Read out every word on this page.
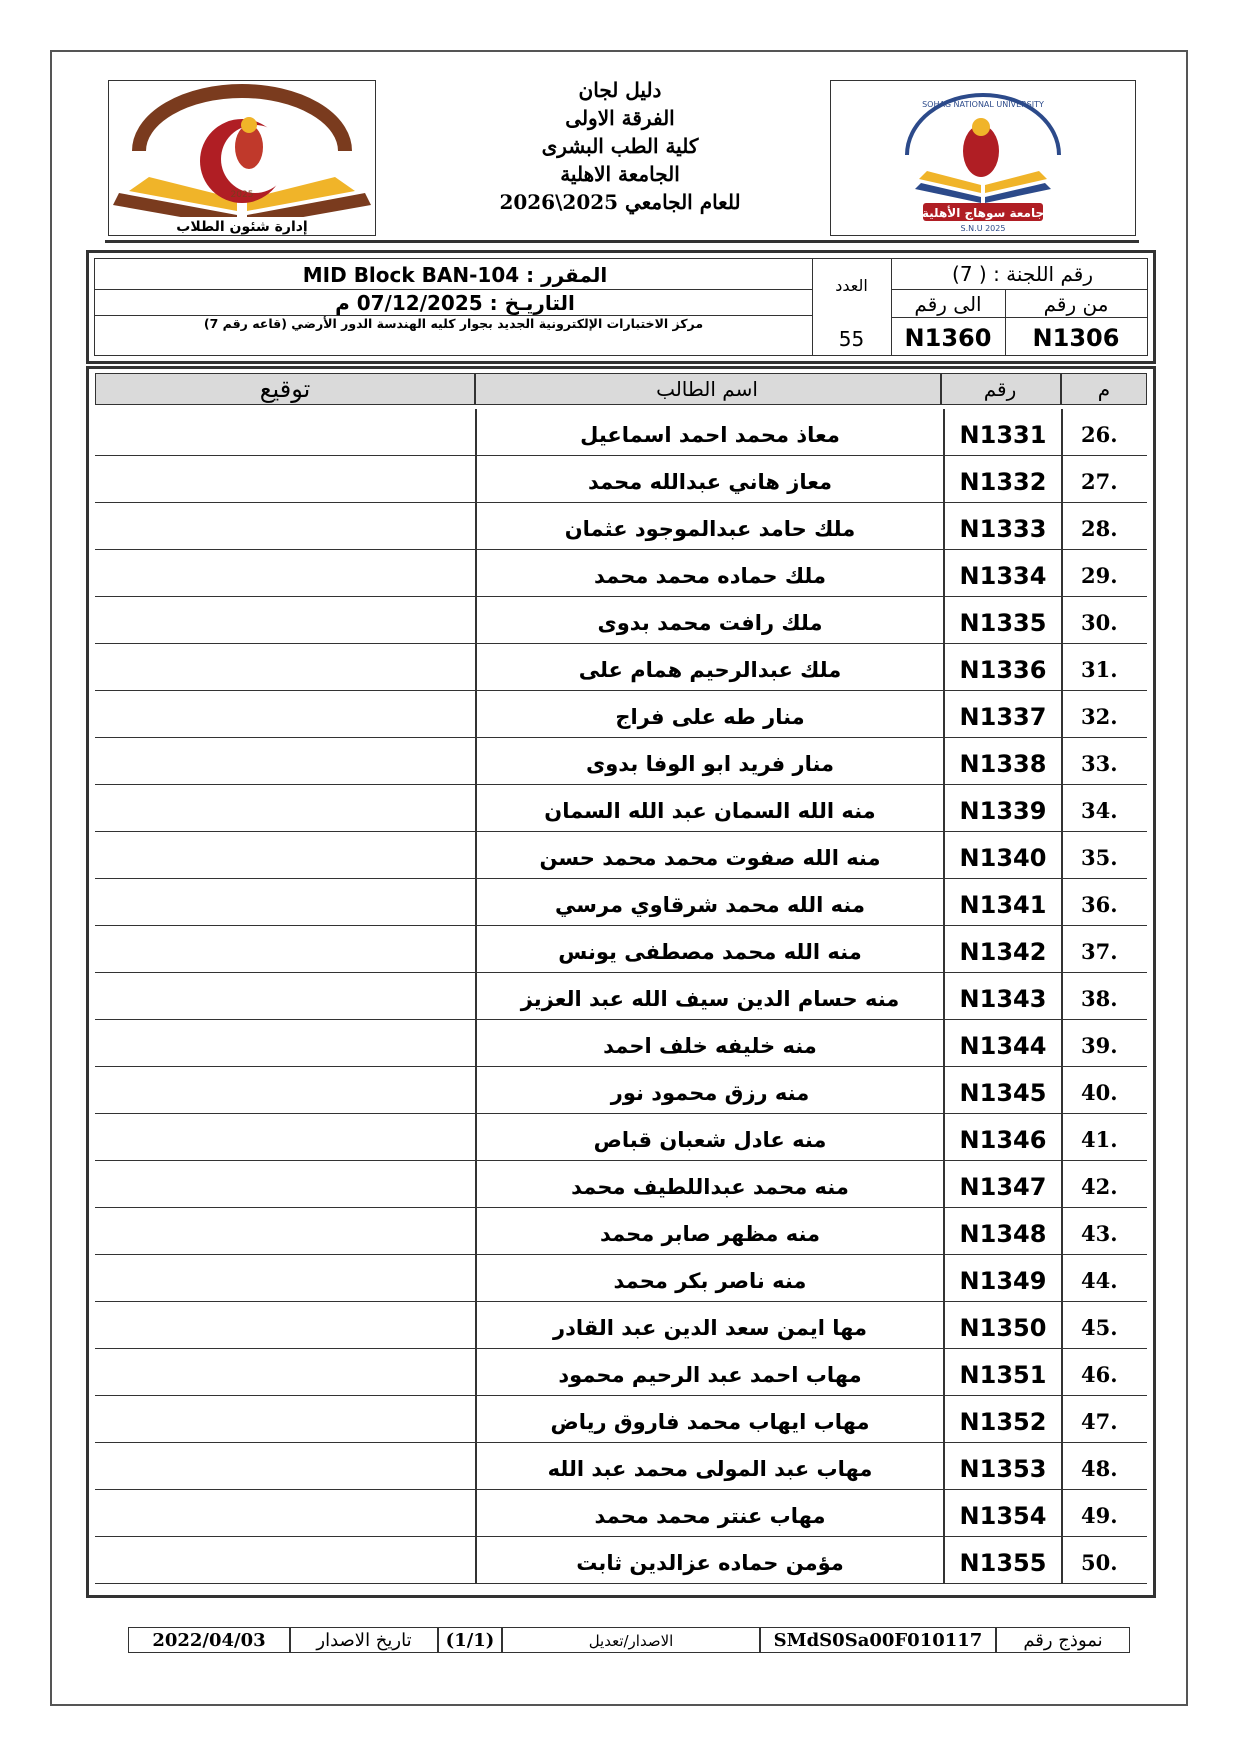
2025
إدارة شئون الطلاب
SOHAG NATIONAL UNIVERSITY
جامعة سوهاج الأهلية
S.N.U 2025
دليل لجان
الفرقة الاولى
كلية الطب البشرى
الجامعة الاهلية
للعام الجامعي 2025\2026
المقرر : MID Block BAN-104
التاريـخ : 07/12/2025 م
مركز الاختبارات الإلكترونية الجديد بجوار كليه الهندسة الدور الأرضي (قاعه رقم 7)
العدد
55
رقم اللجنة : ( 7)
الى رقم	من رقم
N1360	N1306
م
رقم
اسم الطالب
توقيع
26.
N1331
معاذ محمد احمد اسماعيل
27.
N1332
معاز هاني عبدالله محمد
28.
N1333
ملك حامد عبدالموجود عثمان
29.
N1334
ملك حماده محمد محمد
30.
N1335
ملك رافت محمد بدوى
31.
N1336
ملك عبدالرحيم همام على
32.
N1337
منار طه على فراج
33.
N1338
منار فريد ابو الوفا بدوى
34.
N1339
منه الله السمان عبد الله السمان
35.
N1340
منه الله صفوت محمد محمد حسن
36.
N1341
منه الله محمد شرقاوي مرسي
37.
N1342
منه الله محمد مصطفى يونس
38.
N1343
منه حسام الدين سيف الله عبد العزيز
39.
N1344
منه خليفه خلف احمد
40.
N1345
منه رزق محمود نور
41.
N1346
منه عادل شعبان قباص
42.
N1347
منه محمد عبداللطيف محمد
43.
N1348
منه مظهر صابر محمد
44.
N1349
منه ناصر بكر محمد
45.
N1350
مها ايمن سعد الدين عبد القادر
46.
N1351
مهاب احمد عبد الرحيم محمود
47.
N1352
مهاب ايهاب محمد فاروق رياض
48.
N1353
مهاب عبد المولى محمد عبد الله
49.
N1354
مهاب عنتر محمد محمد
50.
N1355
مؤمن حماده عزالدين ثابت
2022/04/03	تاريخ الاصدار	(1/1)	الاصدار/تعديل	SMdS0Sa00F010117	نموذج رقم
